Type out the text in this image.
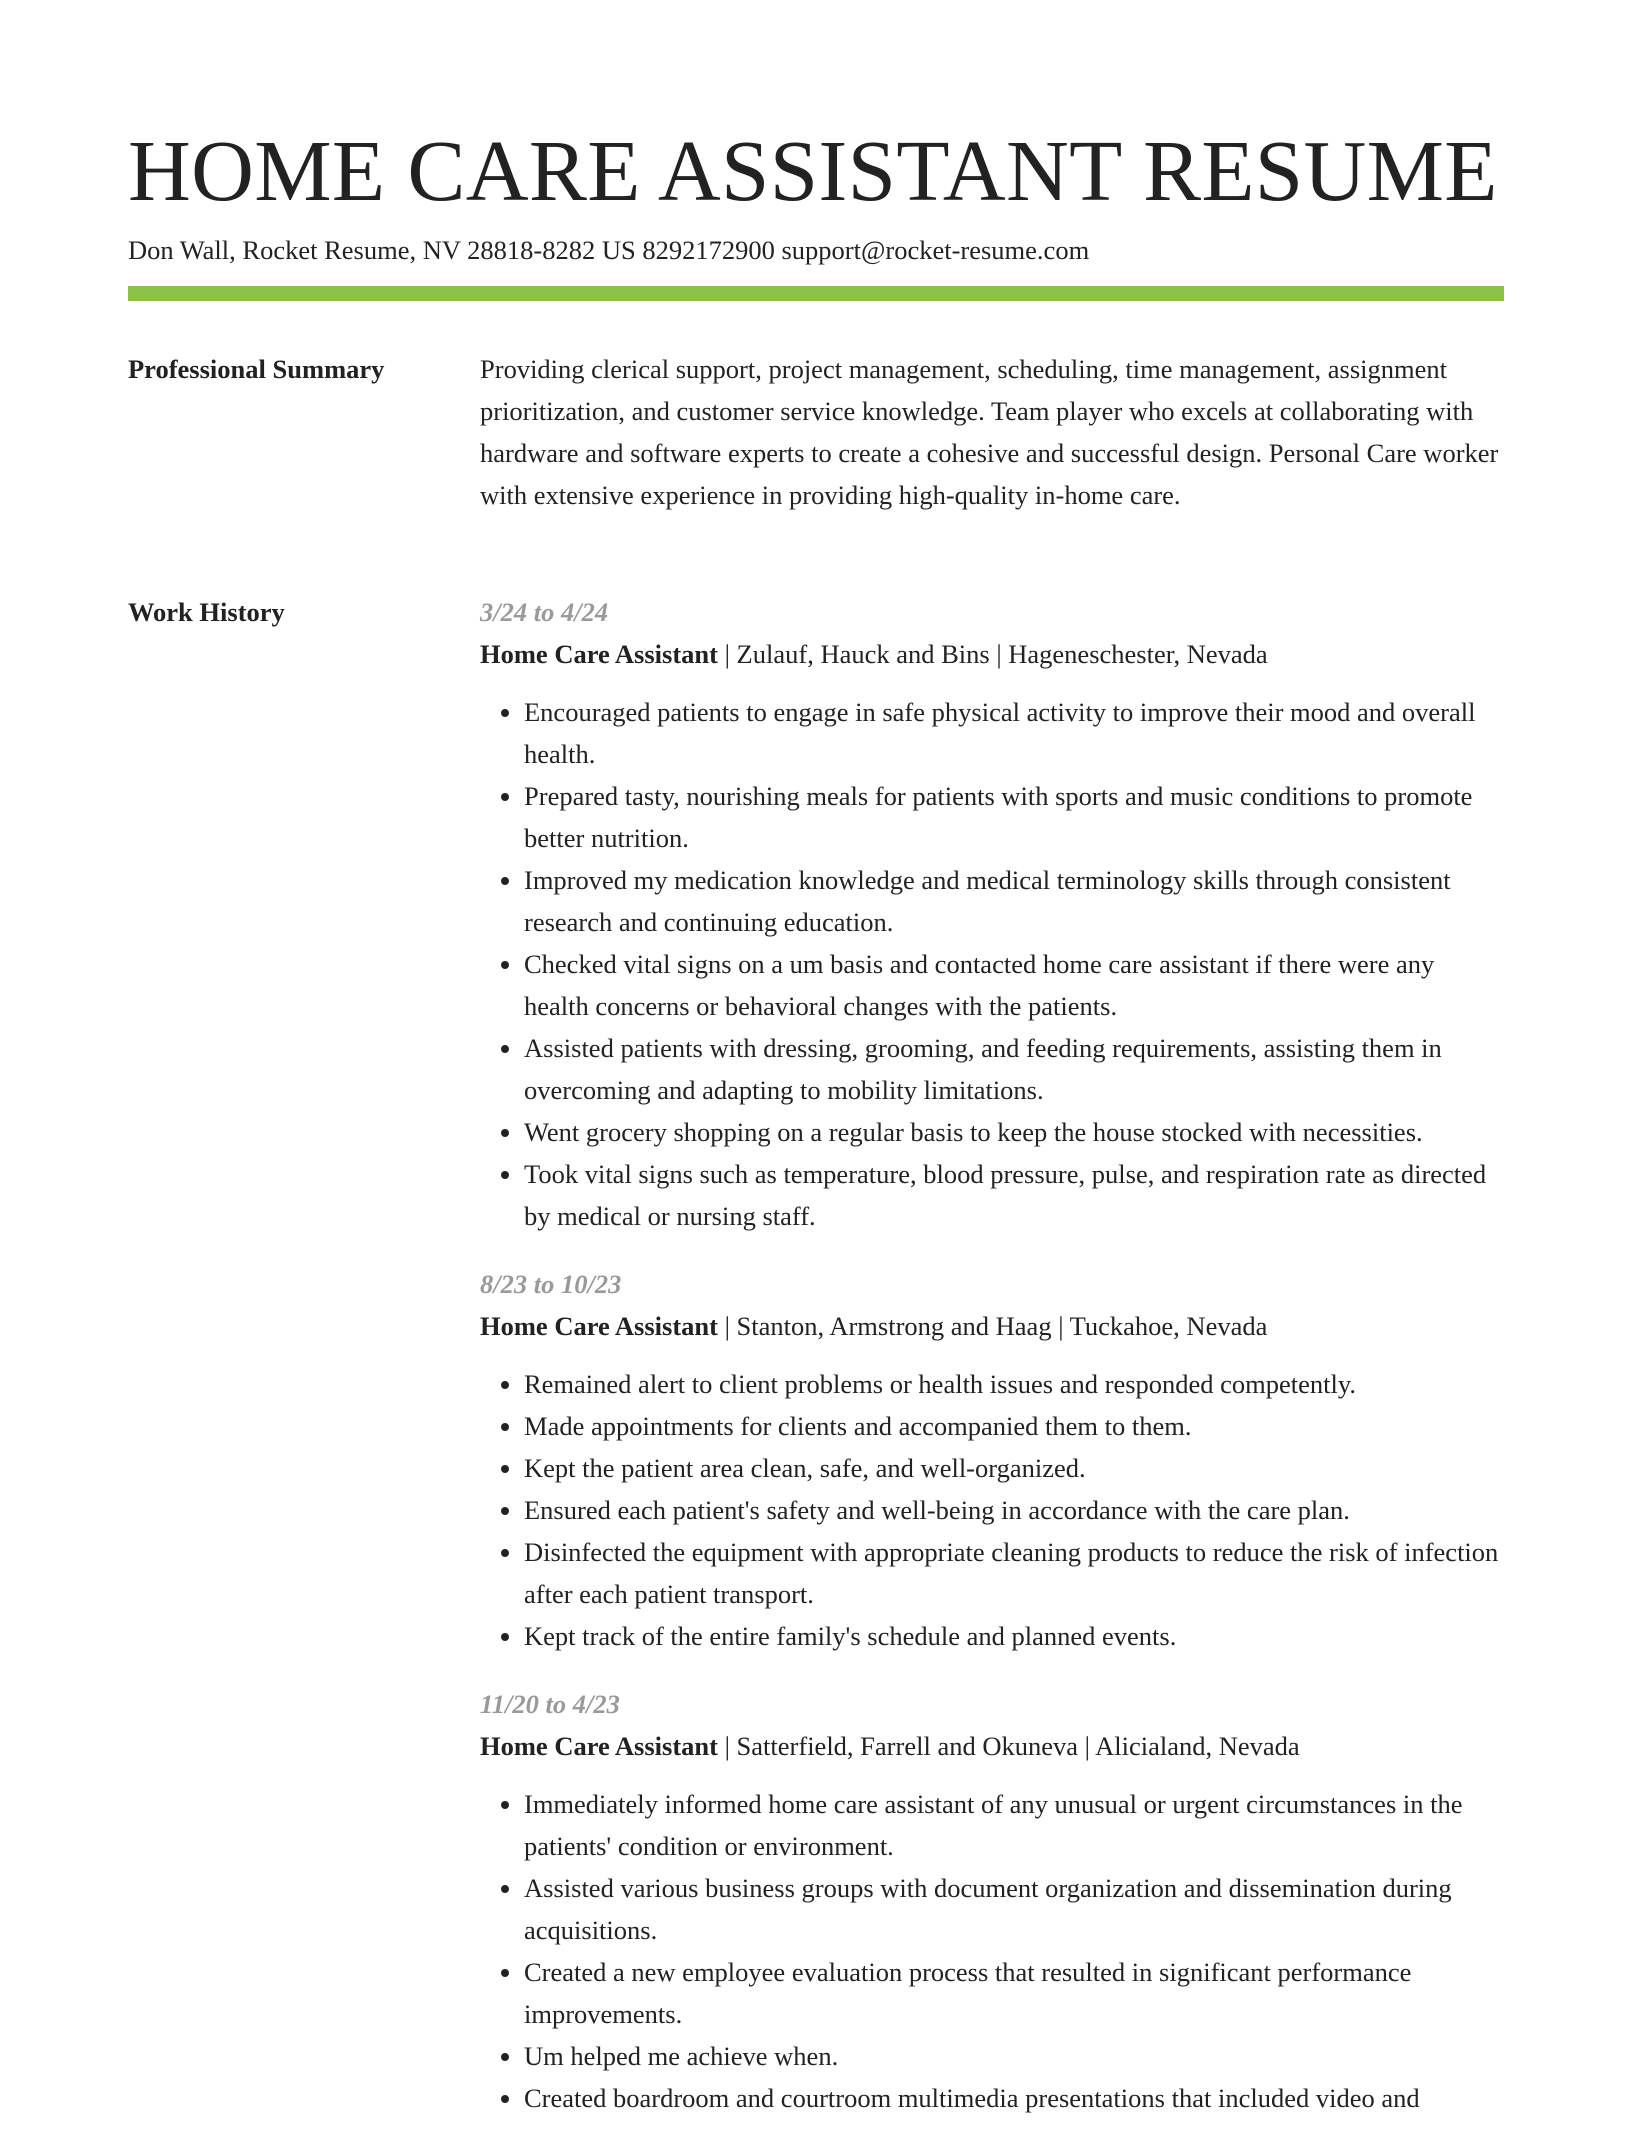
HOME CARE ASSISTANT RESUME
Don Wall, Rocket Resume, NV 28818-8282 US 8292172900 support@rocket-resume.com
Professional Summary	Providing clerical support, project management, scheduling, time management, assignment prioritization, and customer service knowledge. Team player who excels at collaborating with hardware and software experts to create a cohesive and successful design. Personal Care worker with extensive experience in providing high-quality in-home care.

Work History	3/24 to 4/24
Home Care Assistant | Zulauf, Hauck and Bins | Hageneschester, Nevada
• Encouraged patients to engage in safe physical activity to improve their mood and overall health.
• Prepared tasty, nourishing meals for patients with sports and music conditions to promote better nutrition.
• Improved my medication knowledge and medical terminology skills through consistent research and continuing education.
• Checked vital signs on a um basis and contacted home care assistant if there were any health concerns or behavioral changes with the patients.
• Assisted patients with dressing, grooming, and feeding requirements, assisting them in overcoming and adapting to mobility limitations.
• Went grocery shopping on a regular basis to keep the house stocked with necessities.
• Took vital signs such as temperature, blood pressure, pulse, and respiration rate as directed by medical or nursing staff.
8/23 to 10/23
Home Care Assistant | Stanton, Armstrong and Haag | Tuckahoe, Nevada
• Remained alert to client problems or health issues and responded competently.
• Made appointments for clients and accompanied them to them.
• Kept the patient area clean, safe, and well-organized.
• Ensured each patient's safety and well-being in accordance with the care plan.
• Disinfected the equipment with appropriate cleaning products to reduce the risk of infection after each patient transport.
• Kept track of the entire family's schedule and planned events.
11/20 to 4/23
Home Care Assistant | Satterfield, Farrell and Okuneva | Alicialand, Nevada
• Immediately informed home care assistant of any unusual or urgent circumstances in the patients' condition or environment.
• Assisted various business groups with document organization and dissemination during acquisitions.
• Created a new employee evaluation process that resulted in significant performance improvements.
• Um helped me achieve when.
• Created boardroom and courtroom multimedia presentations that included video and
